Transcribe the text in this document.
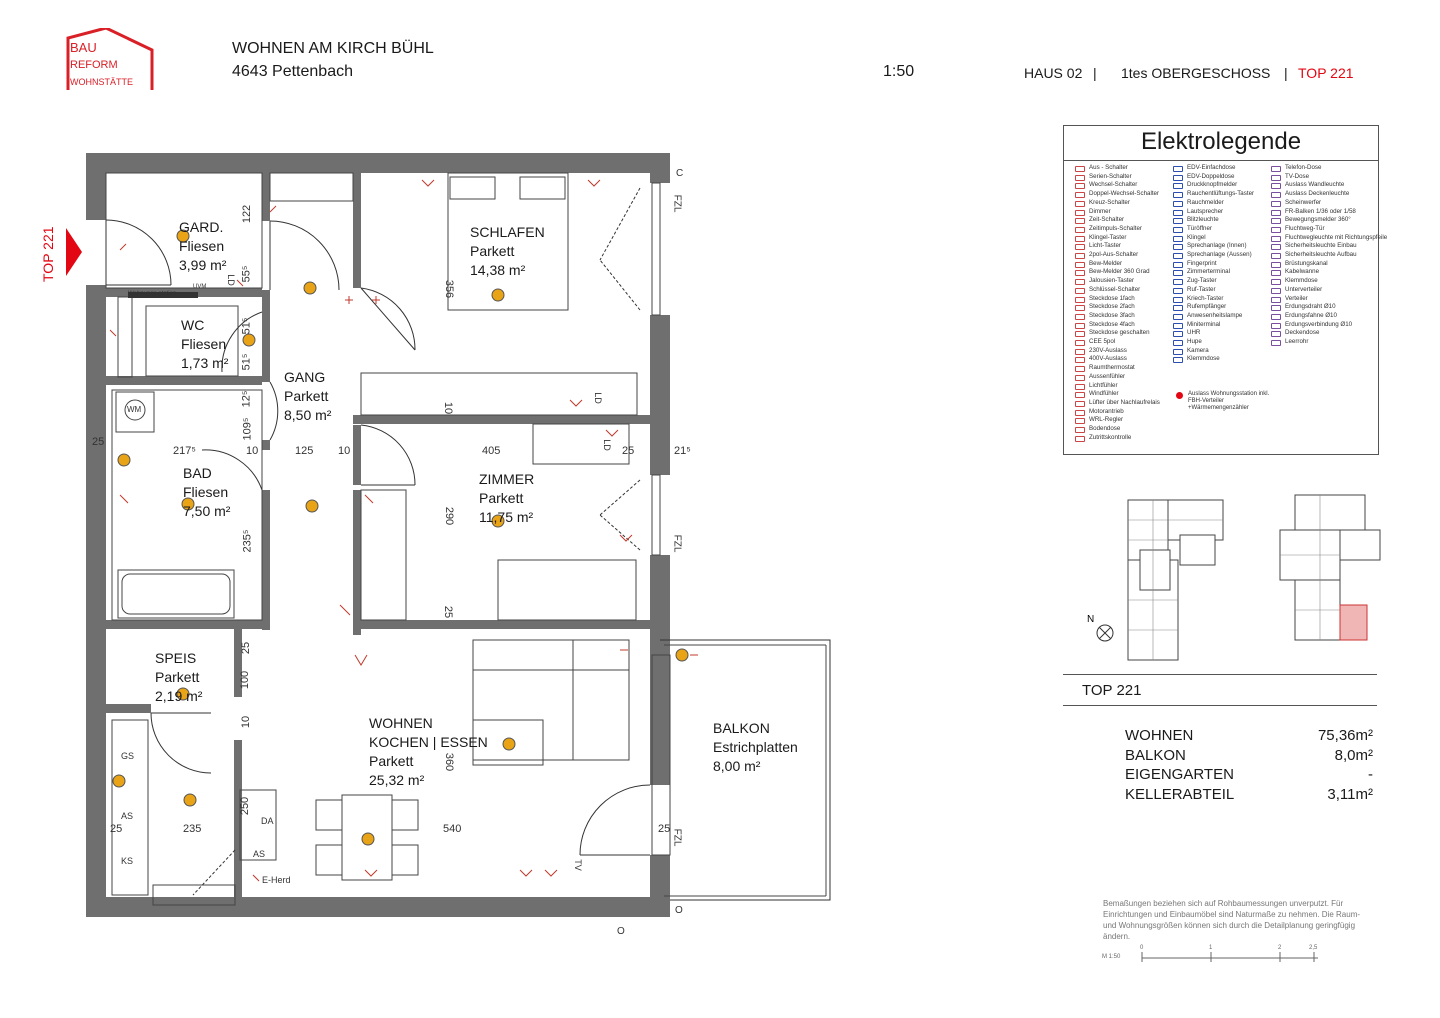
BAU
REFORM
WOHNSTÄTTE
WOHNEN AM KIRCH BÜHL
4643 Pettenbach	1:50	HAUS 02 | 1tes OBERGESCHOSS | TOP 221
TOP 221	GARD.
Fliesen
3,99 m²
WC
Fliesen
1,73 m²
BAD
Fliesen
7,50 m²
SPEIS
Parkett
2,19 m²
GANG
Parkett
8,50 m²
SCHLAFEN
Parkett
14,38 m²
ZIMMER
Parkett
11,75 m²
WOHNEN
KOCHEN | ESSEN
Parkett
25,32 m²
BALKON
Estrichplatten
8,00 m²
25
217⁵	10	125 10	405	25	21⁵
25	235	540	25
122
55⁵
51⁵
51⁵
12⁵
109⁵
235⁵
356
10
290
25
25
100
10
360
250
WM
GS
AS
KS
AS
DA
E-Herd
LD
LD
LD
TV
C
O
O
FZL
FZL
FZL
Wohnungs-station
UVM
Elektrolegende
Aus - Schalter
Serien-Schalter
Wechsel-Schalter
Doppel-Wechsel-Schalter
Kreuz-Schalter
Dimmer
Zeit-Schalter
Zeitimpuls-Schalter
Klingel-Taster
Licht-Taster
2pol-Aus-Schalter
Bew-Melder
Bew-Melder 360 Grad
Jalousien-Taster
Schlüssel-Schalter
Steckdose 1fach
Steckdose 2fach
Steckdose 3fach
Steckdose 4fach
Steckdose geschalten
CEE 5pol
230V-Auslass
400V-Auslass
Raumthermostat
Aussenfühler
Lichtfühler
Windfühler
Lüfter über Nachlaufrelais
Motorantrieb
WRL-Regler
Bodendose
Zutrittskontrolle
EDV-Einfachdose
EDV-Doppeldose
Druckknopfmelder
Rauchentlüftungs-Taster
Rauchmelder
Lautsprecher
Blitzleuchte
Türöffner
Klingel
Sprechanlage (Innen)
Sprechanlage (Aussen)
Fingerprint
Zimmerterminal
Zug-Taster
Ruf-Taster
Kriech-Taster
Rufempfänger
Anwesenheitslampe
Miniterminal
UHR
Hupe
Kamera
Klemmdose
Telefon-Dose
TV-Dose
Auslass Wandleuchte
Auslass Deckenleuchte
Scheinwerfer
FR-Balken 1/36 oder 1/58
Bewegungsmelder 360°
Fluchtweg-Tür
Fluchtwegleuchte mit Richtungspfeile
Sicherheitsleuchte Einbau
Sicherheitsleuchte Aufbau
Brüstungskanal
Kabelwanne
Klemmdose
Unterverteiler
Verteiler
Erdungsdraht Ø10
Erdungsfahne Ø10
Erdungsverbindung Ø10
Deckendose
Leerrohr
Auslass Wohnungsstation inkl. FBH-Verteiler +Wärmemengenzähler
N
TOP 221
WOHNEN	75,36m²
BALKON	8,0m²
EIGENGARTEN	-
KELLERABTEIL	3,11m²
Bemaßungen beziehen sich auf Rohbaumessungen unverputzt. Für Einrichtungen und Einbaumöbel sind Naturmaße zu nehmen. Die Raum- und Wohnungsgrößen können sich durch die Detailplanung geringfügig ändern.
M 1:50
0	1	2	2,5
